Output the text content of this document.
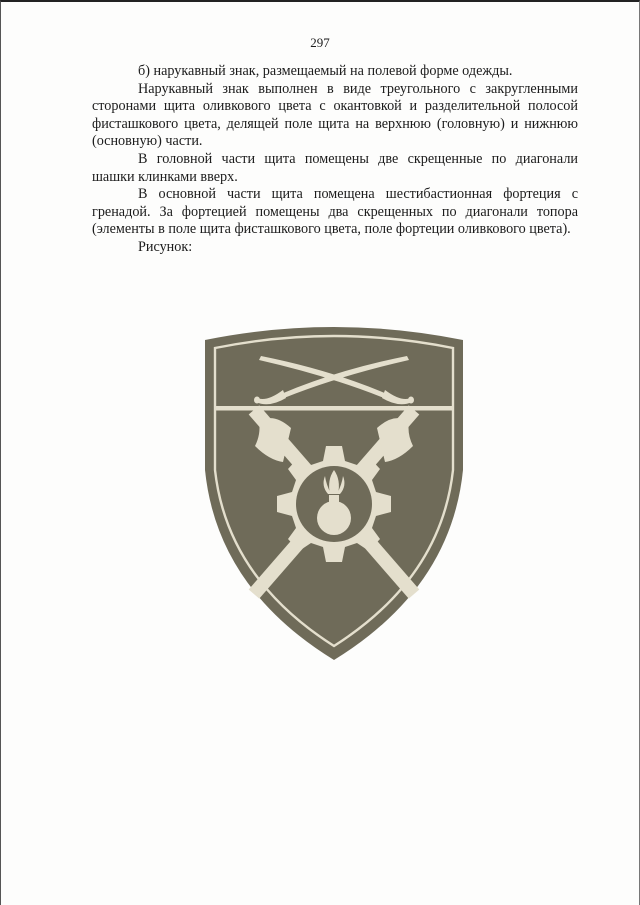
297

б) нарукавный знак, размещаемый на полевой форме одежды.

Нарукавный знак выполнен в виде треугольного с закругленными сторонами щита оливкового цвета с окантовкой и разделительной полосой фисташкового цвета, делящей поле щита на верхнюю (головную) и нижнюю (основную) части.

В головной части щита помещены две скрещенные по диагонали шашки клинками вверх.

В основной части щита помещена шестибастионная фортеция с гренадой. За фортецией помещены два скрещенных по диагонали топора (элементы в поле щита фисташкового цвета, поле фортеции оливкового цвета).

Рисунок:
